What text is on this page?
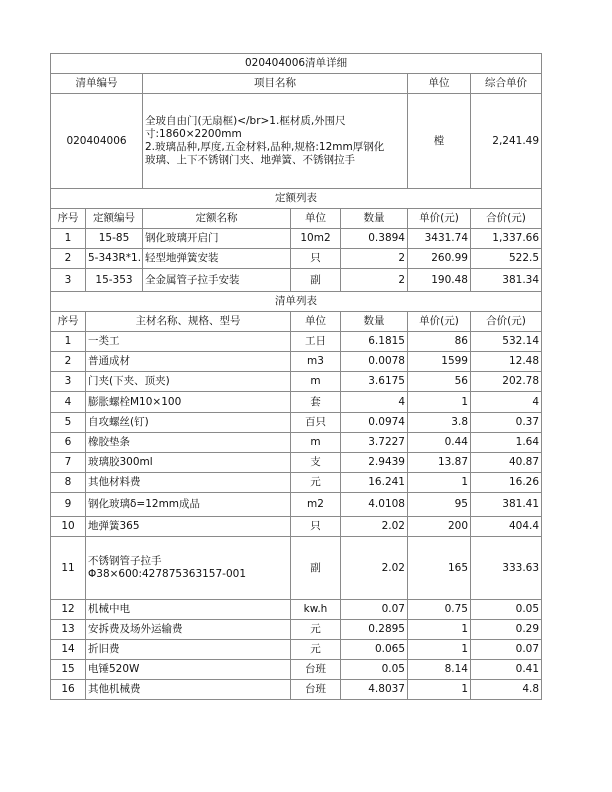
020404006清单详细						
清单编号		项目名称			单位	综合单价
020404006		全玻自由门(无扇框)</br>1.框材质,外围尺
寸:1860×2200mm
2.玻璃品种,厚度,五金材料,品种,规格:12mm厚钢化
玻璃、上下不锈钢门夹、地弹簧、不锈钢拉手			樘	2,241.49
定额列表						
序号	定额编号	定额名称	单位	数量	单价(元)	合价(元)
1	15-85	钢化玻璃开启门	10m2	0.3894	3431.74	1,337.66
2	5-343R*1.	轻型地弹簧安装	只	2	260.99	522.5
3	15-353	全金属管子拉手安装	副	2	190.48	381.34
清单列表						
序号	主材名称、规格、型号		单位	数量	单价(元)	合价(元)
1	一类工		工日	6.1815	86	532.14
2	普通成材		m3	0.0078	1599	12.48
3	门夹(下夹、顶夹)		m	3.6175	56	202.78
4	膨胀螺栓M10×100		套	4	1	4
5	自攻螺丝(钉)		百只	0.0974	3.8	0.37
6	橡胶垫条		m	3.7227	0.44	1.64
7	玻璃胶300ml		支	2.9439	13.87	40.87
8	其他材料费		元	16.241	1	16.26
9	钢化玻璃δ=12mm成品		m2	4.0108	95	381.41
10	地弹簧365		只	2.02	200	404.4
11	不锈钢管子拉手
Φ38×600:427875363157-001		副	2.02	165	333.63
12	机械中电		kw.h	0.07	0.75	0.05
13	安拆费及场外运输费		元	0.2895	1	0.29
14	折旧费		元	0.065	1	0.07
15	电锤520W		台班	0.05	8.14	0.41
16	其他机械费		台班	4.8037	1	4.8
